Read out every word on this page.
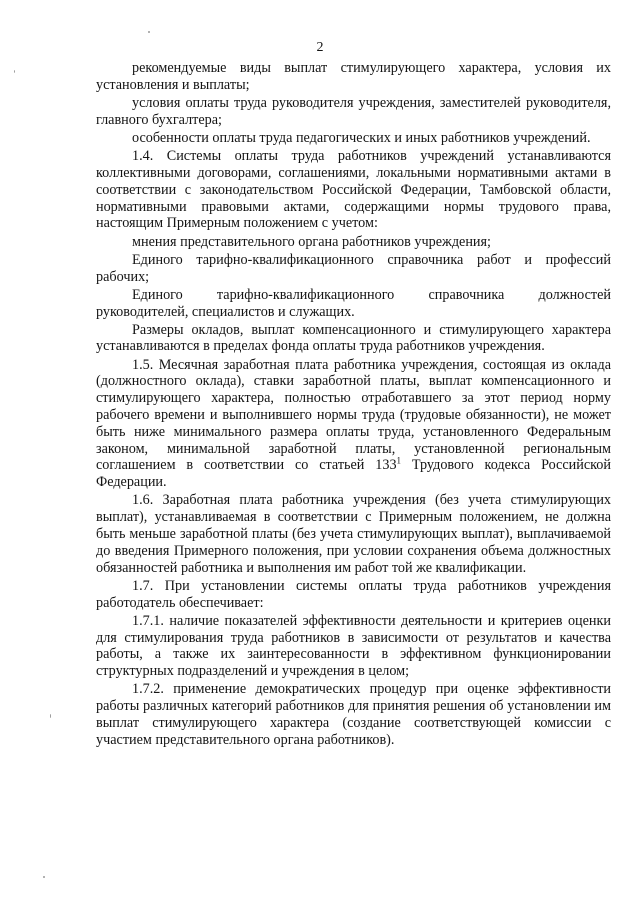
2

рекомендуемые виды выплат стимулирующего характера, условия их установления и выплаты;

условия оплаты труда руководителя учреждения, заместителей руководителя, главного бухгалтера;

особенности оплаты труда педагогических и иных работников учреждений.

1.4. Системы оплаты труда работников учреждений устанавливаются коллективными договорами, соглашениями, локальными нормативными актами в соответствии с законодательством Российской Федерации, Тамбовской области, нормативными правовыми актами, содержащими нормы трудового права, настоящим Примерным положением с учетом:

мнения представительного органа работников учреждения;

Единого тарифно-квалификационного справочника работ и профессий рабочих;

Единого тарифно-квалификационного справочника должностей руководителей, специалистов и служащих.

Размеры окладов, выплат компенсационного и стимулирующего характера устанавливаются в пределах фонда оплаты труда работников учреждения.

1.5. Месячная заработная плата работника учреждения, состоящая из оклада (должностного оклада), ставки заработной платы, выплат компенсационного и стимулирующего характера, полностью отработавшего за этот период норму рабочего времени и выполнившего нормы труда (трудовые обязанности), не может быть ниже минимального размера оплаты труда, установленного Федеральным законом, минимальной заработной платы, установленной региональным соглашением в соответствии со статьей $133^1$ Трудового кодекса Российской Федерации.

1.6. Заработная плата работника учреждения (без учета стимулирующих выплат), устанавливаемая в соответствии с Примерным положением, не должна быть меньше заработной платы (без учета стимулирующих выплат), выплачиваемой до введения Примерного положения, при условии сохранения объема должностных обязанностей работника и выполнения им работ той же квалификации.

1.7. При установлении системы оплаты труда работников учреждения работодатель обеспечивает:

1.7.1. наличие показателей эффективности деятельности и критериев оценки для стимулирования труда работников в зависимости от результатов и качества работы, а также их заинтересованности в эффективном функционировании структурных подразделений и учреждения в целом;

1.7.2. применение демократических процедур при оценке эффективности работы различных категорий работников для принятия решения об установлении им выплат стимулирующего характера (создание соответствующей комиссии с участием представительного органа работников).
